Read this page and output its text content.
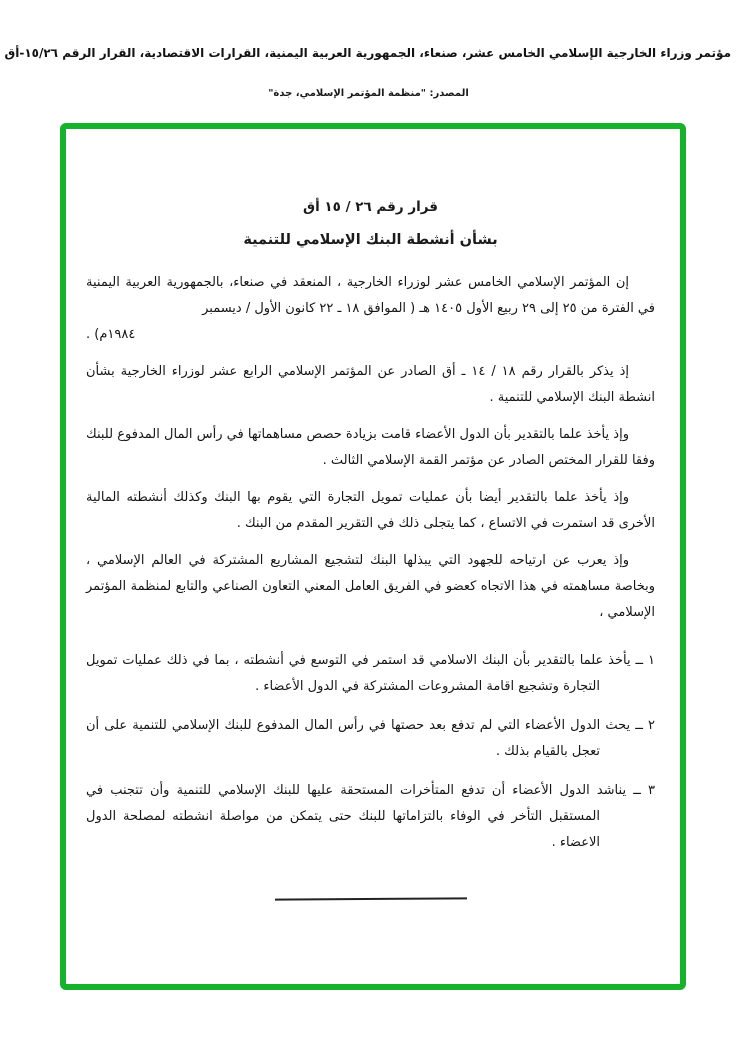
مؤتمر وزراء الخارجية الإسلامي الخامس عشر، صنعاء، الجمهورية العربية اليمنية، القرارات الاقتصادية، القرار الرقم ١٥/٢٦-أق
المصدر: "منظمة المؤتمر الإسلامي، جدة"
قرار رقم ٢٦ / ١٥ أق
بشأن أنشطة البنك الإسلامي للتنمية

إن المؤتمر الإسلامي الخامس عشر لوزراء الخارجية ، المنعقد في صنعاء، بالجمهورية العربية اليمنية في الفترة من ٢٥ إلى ٢٩ ربيع الأول ١٤٠٥ هـ ( الموافق ١٨ ـ ٢٢ كانون الأول / ديسمبر
١٩٨٤م) .

إذ يذكر بالقرار رقم ١٨ / ١٤ ـ أق الصادر عن المؤتمر الإسلامي الرابع عشر لوزراء الخارجية بشأن انشطة البنك الإسلامي للتنمية .

وإذ يأخذ علما بالتقدير بأن الدول الأعضاء قامت بزيادة حصص مساهماتها في رأس المال المدفوع للبنك وفقا للقرار المختص الصادر عن مؤتمر القمة الإسلامي الثالث .

وإذ يأخذ علما بالتقدير أيضا بأن عمليات تمويل التجارة التي يقوم بها البنك وكذلك أنشطته المالية الأخرى قد استمرت في الاتساع ، كما يتجلى ذلك في التقرير المقدم من البنك .

وإذ يعرب عن ارتياحه للجهود التي يبذلها البنك لتشجيع المشاريع المشتركة في العالم الإسلامي ، وبخاصة مساهمته في هذا الاتجاه كعضو في الفريق العامل المعني التعاون الصناعي والتابع لمنظمة المؤتمر الإسلامي ،

١ ــ يأخذ علما بالتقدير بأن البنك الاسلامي قد استمر في التوسع في أنشطته ، بما في ذلك عمليات تمويل التجارة وتشجيع اقامة المشروعات المشتركة في الدول الأعضاء .

٢ ــ يحث الدول الأعضاء التي لم تدفع بعد حصتها في رأس المال المدفوع للبنك الإسلامي للتنمية على أن تعجل بالقيام بذلك .

٣ ــ يناشد الدول الأعضاء أن تدفع المتأخرات المستحقة عليها للبنك الإسلامي للتنمية وأن تتجنب في المستقبل التأخر في الوفاء بالتزاماتها للبنك حتى يتمكن من مواصلة انشطته لمصلحة الدول الاعضاء .
